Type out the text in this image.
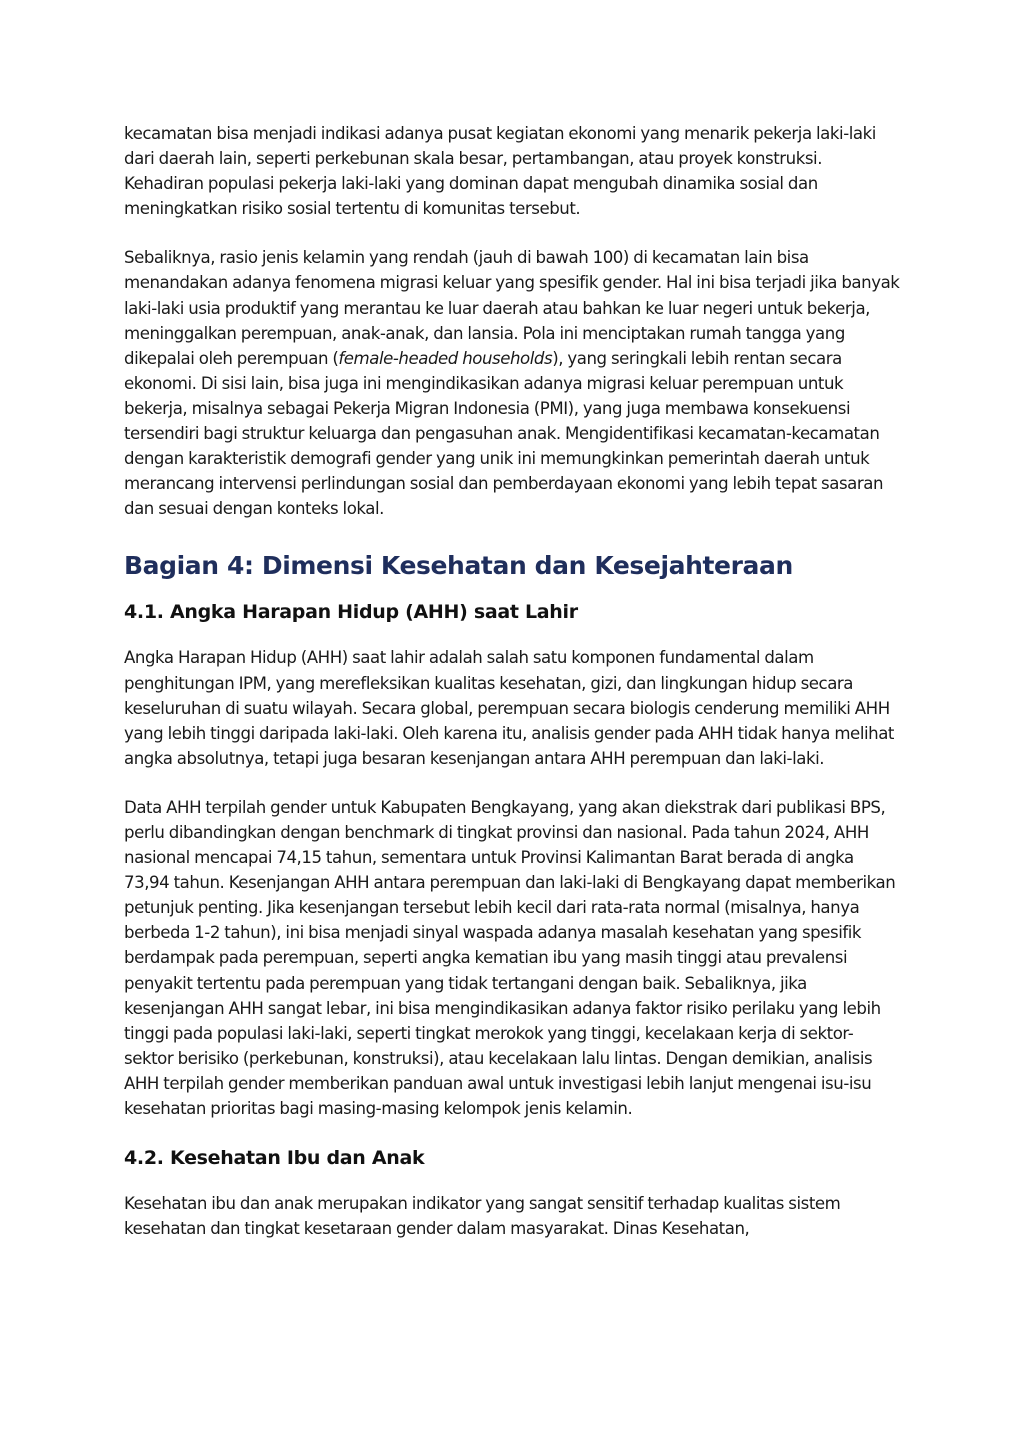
kecamatan bisa menjadi indikasi adanya pusat kegiatan ekonomi yang menarik pekerja laki-laki dari daerah lain, seperti perkebunan skala besar, pertambangan, atau proyek konstruksi. Kehadiran populasi pekerja laki-laki yang dominan dapat mengubah dinamika sosial dan meningkatkan risiko sosial tertentu di komunitas tersebut.

Sebaliknya, rasio jenis kelamin yang rendah (jauh di bawah 100) di kecamatan lain bisa menandakan adanya fenomena migrasi keluar yang spesifik gender. Hal ini bisa terjadi jika banyak laki-laki usia produktif yang merantau ke luar daerah atau bahkan ke luar negeri untuk bekerja, meninggalkan perempuan, anak-anak, dan lansia. Pola ini menciptakan rumah tangga yang dikepalai oleh perempuan (female-headed households), yang seringkali lebih rentan secara ekonomi. Di sisi lain, bisa juga ini mengindikasikan adanya migrasi keluar perempuan untuk bekerja, misalnya sebagai Pekerja Migran Indonesia (PMI), yang juga membawa konsekuensi tersendiri bagi struktur keluarga dan pengasuhan anak. Mengidentifikasi kecamatan-kecamatan dengan karakteristik demografi gender yang unik ini memungkinkan pemerintah daerah untuk merancang intervensi perlindungan sosial dan pemberdayaan ekonomi yang lebih tepat sasaran dan sesuai dengan konteks lokal.

Bagian 4: Dimensi Kesehatan dan Kesejahteraan
4.1. Angka Harapan Hidup (AHH) saat Lahir

Angka Harapan Hidup (AHH) saat lahir adalah salah satu komponen fundamental dalam penghitungan IPM, yang merefleksikan kualitas kesehatan, gizi, dan lingkungan hidup secara keseluruhan di suatu wilayah. Secara global, perempuan secara biologis cenderung memiliki AHH yang lebih tinggi daripada laki-laki. Oleh karena itu, analisis gender pada AHH tidak hanya melihat angka absolutnya, tetapi juga besaran kesenjangan antara AHH perempuan dan laki-laki.

Data AHH terpilah gender untuk Kabupaten Bengkayang, yang akan diekstrak dari publikasi BPS, perlu dibandingkan dengan benchmark di tingkat provinsi dan nasional. Pada tahun 2024, AHH nasional mencapai 74,15 tahun, sementara untuk Provinsi Kalimantan Barat berada di angka 73,94 tahun. Kesenjangan AHH antara perempuan dan laki-laki di Bengkayang dapat memberikan petunjuk penting. Jika kesenjangan tersebut lebih kecil dari rata-rata normal (misalnya, hanya berbeda 1-2 tahun), ini bisa menjadi sinyal waspada adanya masalah kesehatan yang spesifik berdampak pada perempuan, seperti angka kematian ibu yang masih tinggi atau prevalensi penyakit tertentu pada perempuan yang tidak tertangani dengan baik. Sebaliknya, jika kesenjangan AHH sangat lebar, ini bisa mengindikasikan adanya faktor risiko perilaku yang lebih tinggi pada populasi laki-laki, seperti tingkat merokok yang tinggi, kecelakaan kerja di sektor-sektor berisiko (perkebunan, konstruksi), atau kecelakaan lalu lintas. Dengan demikian, analisis AHH terpilah gender memberikan panduan awal untuk investigasi lebih lanjut mengenai isu-isu kesehatan prioritas bagi masing-masing kelompok jenis kelamin.

4.2. Kesehatan Ibu dan Anak

Kesehatan ibu dan anak merupakan indikator yang sangat sensitif terhadap kualitas sistem kesehatan dan tingkat kesetaraan gender dalam masyarakat. Dinas Kesehatan,
